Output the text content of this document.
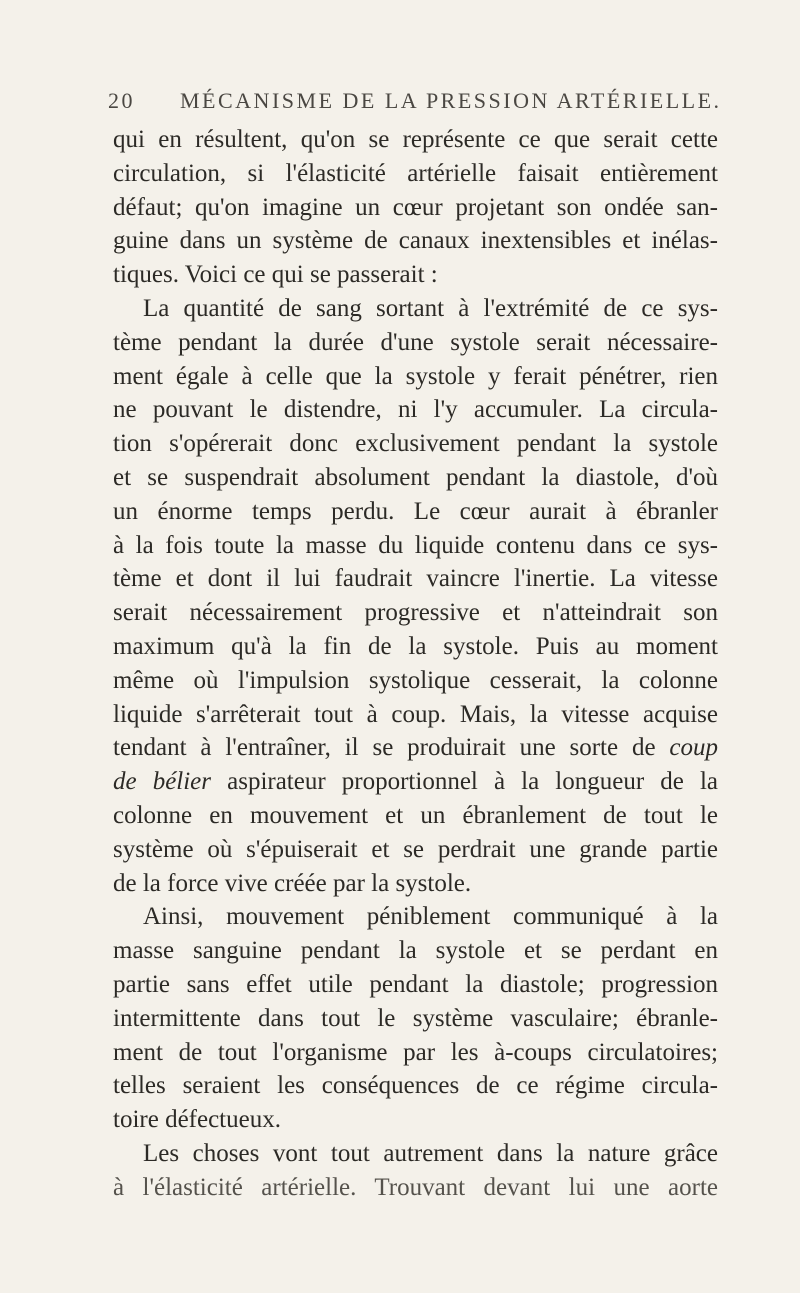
20 MÉCANISME DE LA PRESSION ARTÉRIELLE.
qui en résultent, qu'on se représente ce que serait cette
circulation, si l'élasticité artérielle faisait entièrement
défaut; qu'on imagine un cœur projetant son ondée san-
guine dans un système de canaux inextensibles et inélas-
tiques. Voici ce qui se passerait :
La quantité de sang sortant à l'extrémité de ce sys-
tème pendant la durée d'une systole serait nécessaire-
ment égale à celle que la systole y ferait pénétrer, rien
ne pouvant le distendre, ni l'y accumuler. La circula-
tion s'opérerait donc exclusivement pendant la systole
et se suspendrait absolument pendant la diastole, d'où
un énorme temps perdu. Le cœur aurait à ébranler
à la fois toute la masse du liquide contenu dans ce sys-
tème et dont il lui faudrait vaincre l'inertie. La vitesse
serait nécessairement progressive et n'atteindrait son
maximum qu'à la fin de la systole. Puis au moment
même où l'impulsion systolique cesserait, la colonne
liquide s'arrêterait tout à coup. Mais, la vitesse acquise
tendant à l'entraîner, il se produirait une sorte de coup
de bélier aspirateur proportionnel à la longueur de la
colonne en mouvement et un ébranlement de tout le
système où s'épuiserait et se perdrait une grande partie
de la force vive créée par la systole.
Ainsi, mouvement péniblement communiqué à la
masse sanguine pendant la systole et se perdant en
partie sans effet utile pendant la diastole; progression
intermittente dans tout le système vasculaire; ébranle-
ment de tout l'organisme par les à-coups circulatoires;
telles seraient les conséquences de ce régime circula-
toire défectueux.
Les choses vont tout autrement dans la nature grâce
à l'élasticité artérielle. Trouvant devant lui une aorte
